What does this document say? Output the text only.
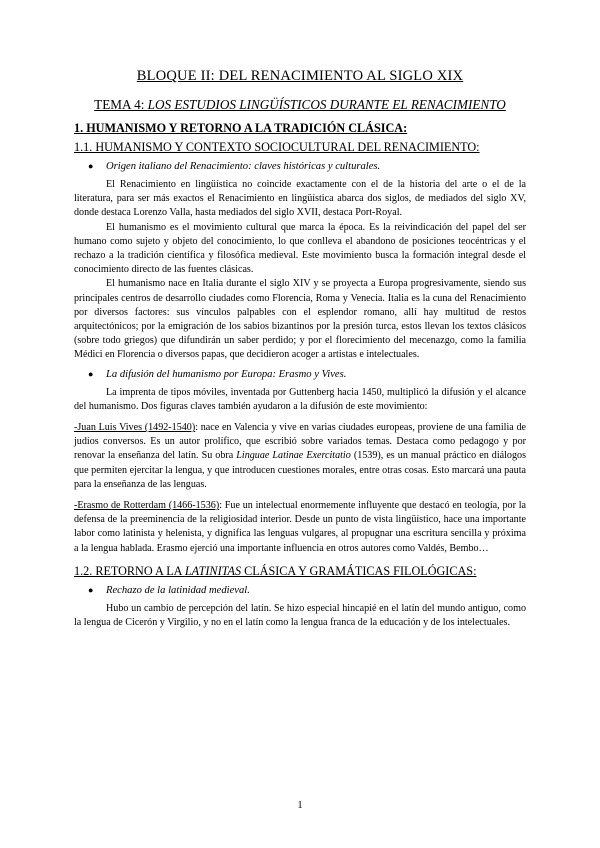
BLOQUE II: DEL RENACIMIENTO AL SIGLO XIX
TEMA 4: LOS ESTUDIOS LINGÜÍSTICOS DURANTE EL RENACIMIENTO
1. HUMANISMO Y RETORNO A LA TRADICIÓN CLÁSICA:
1.1. HUMANISMO Y CONTEXTO SOCIOCULTURAL DEL RENACIMIENTO:
●	Origen italiano del Renacimiento: claves históricas y culturales.

El Renacimiento en lingüística no coincide exactamente con el de la historia del arte o el de la literatura, para ser más exactos el Renacimiento en lingüística abarca dos siglos, de mediados del siglo XV, donde destaca Lorenzo Valla, hasta mediados del siglo XVII, destaca Port-Royal.

El humanismo es el movimiento cultural que marca la época. Es la reivindicación del papel del ser humano como sujeto y objeto del conocimiento, lo que conlleva el abandono de posiciones teocéntricas y el rechazo a la tradición científica y filosófica medieval. Este movimiento busca la formación integral desde el conocimiento directo de las fuentes clásicas.

El humanismo nace en Italia durante el siglo XIV y se proyecta a Europa progresivamente, siendo sus principales centros de desarrollo ciudades como Florencia, Roma y Venecia. Italia es la cuna del Renacimiento por diversos factores: sus vínculos palpables con el esplendor romano, allí hay multitud de restos arquitectónicos; por la emigración de los sabios bizantinos por la presión turca, estos llevan los textos clásicos (sobre todo griegos) que difundirán un saber perdido; y por el florecimiento del mecenazgo, como la familia Médici en Florencia o diversos papas, que decidieron acoger a artistas e intelectuales.

●	La difusión del humanismo por Europa: Erasmo y Vives.

La imprenta de tipos móviles, inventada por Guttenberg hacia 1450, multiplicó la difusión y el alcance del humanismo. Dos figuras claves también ayudaron a la difusión de este movimiento:

-Juan Luis Vives (1492-1540): nace en Valencia y vive en varias ciudades europeas, proviene de una familia de judíos conversos. Es un autor prolífico, que escribió sobre variados temas. Destaca como pedagogo y por renovar la enseñanza del latín. Su obra Linguae Latinae Exercitatio (1539), es un manual práctico en diálogos que permiten ejercitar la lengua, y que introducen cuestiones morales, entre otras cosas. Esto marcará una pauta para la enseñanza de las lenguas.

-Erasmo de Rotterdam (1466-1536): Fue un intelectual enormemente influyente que destacó en teología, por la defensa de la preeminencia de la religiosidad interior. Desde un punto de vista lingüístico, hace una importante labor como latinista y helenista, y dignifica las lenguas vulgares, al propugnar una escritura sencilla y próxima a la lengua hablada. Erasmo ejerció una importante influencia en otros autores como Valdés, Bembo…

1.2. RETORNO A LA LATINITAS CLÁSICA Y GRAMÁTICAS FILOLÓGICAS:
●	Rechazo de la latinidad medieval.

Hubo un cambio de percepción del latín. Se hizo especial hincapié en el latín del mundo antiguo, como la lengua de Cicerón y Virgilio, y no en el latín como la lengua franca de la educación y de los intelectuales.

1
